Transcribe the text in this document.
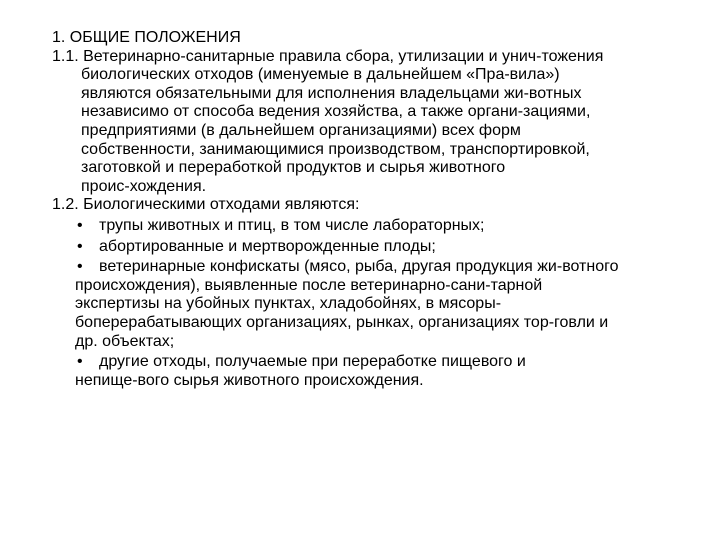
1. ОБЩИЕ ПОЛОЖЕНИЯ
1.1. Ветеринарно-санитарные правила сбора, утилизации и унич-тожения
биологических отходов (именуемые в дальнейшем «Пра-вила»)
являются обязательными для исполнения владельцами жи-вотных
независимо от способа ведения хозяйства, а также органи-зациями,
предприятиями (в дальнейшем организациями) всех форм
собственности, занимающимися производством, транспортировкой,
заготовкой и переработкой продуктов и сырья животного
проис-хождения.
1.2. Биологическими отходами являются:
• трупы животных и птиц, в том числе лабораторных;
• абортированные и мертворожденные плоды;
• ветеринарные конфискаты (мясо, рыба, другая продукция жи-вотного
происхождения), выявленные после ветеринарно-сани-тарной
экспертизы на убойных пунктах, хладобойнях, в мясоры-
боперерабатывающих организациях, рынках, организациях тор-говли и
др. объектах;
• другие отходы, получаемые при переработке пищевого и
непище-вого сырья животного происхождения.
